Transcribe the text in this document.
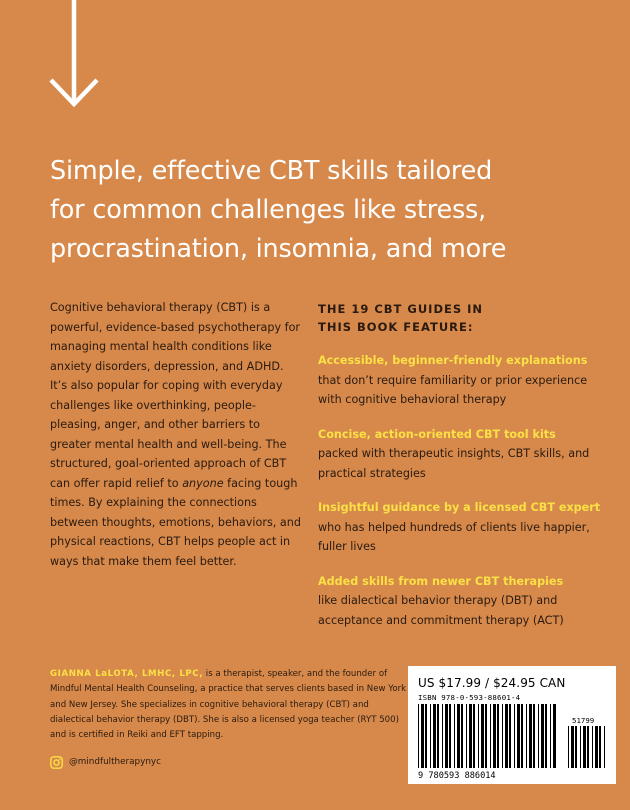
Simple, effective CBT skills tailored
for common challenges like stress,
procrastination, insomnia, and more

Cognitive behavioral therapy (CBT) is a powerful, evidence-based psychotherapy for managing mental health conditions like anxiety disorders, depression, and ADHD. It’s also popular for coping with everyday challenges like overthinking, people-pleasing, anger, and other barriers to greater mental health and well-being. The structured, goal-oriented approach of CBT can offer rapid relief to anyone facing tough times. By explaining the connections between thoughts, emotions, behaviors, and physical reactions, CBT helps people act in ways that make them feel better.

THE 19 CBT GUIDES IN
THIS BOOK FEATURE:
Accessible, beginner-friendly explanations
that don’t require familiarity or prior experience with cognitive behavioral therapy
Concise, action-oriented CBT tool kits
packed with therapeutic insights, CBT skills, and practical strategies
Insightful guidance by a licensed CBT expert
who has helped hundreds of clients live happier, fuller lives
Added skills from newer CBT therapies
like dialectical behavior therapy (DBT) and acceptance and commitment therapy (ACT)

GIANNA LaLOTA, LMHC, LPC, is a therapist, speaker, and the founder of Mindful Mental Health Counseling, a practice that serves clients based in New York and New Jersey. She specializes in cognitive behavioral therapy (CBT) and dialectical behavior therapy (DBT). She is also a licensed yoga teacher (RYT 500) and is certified in Reiki and EFT tapping.

@mindfultherapynyc
US $17.99 / $24.95 CAN
ISBN 978-0-593-88601-4
9 780593 886014
51799
